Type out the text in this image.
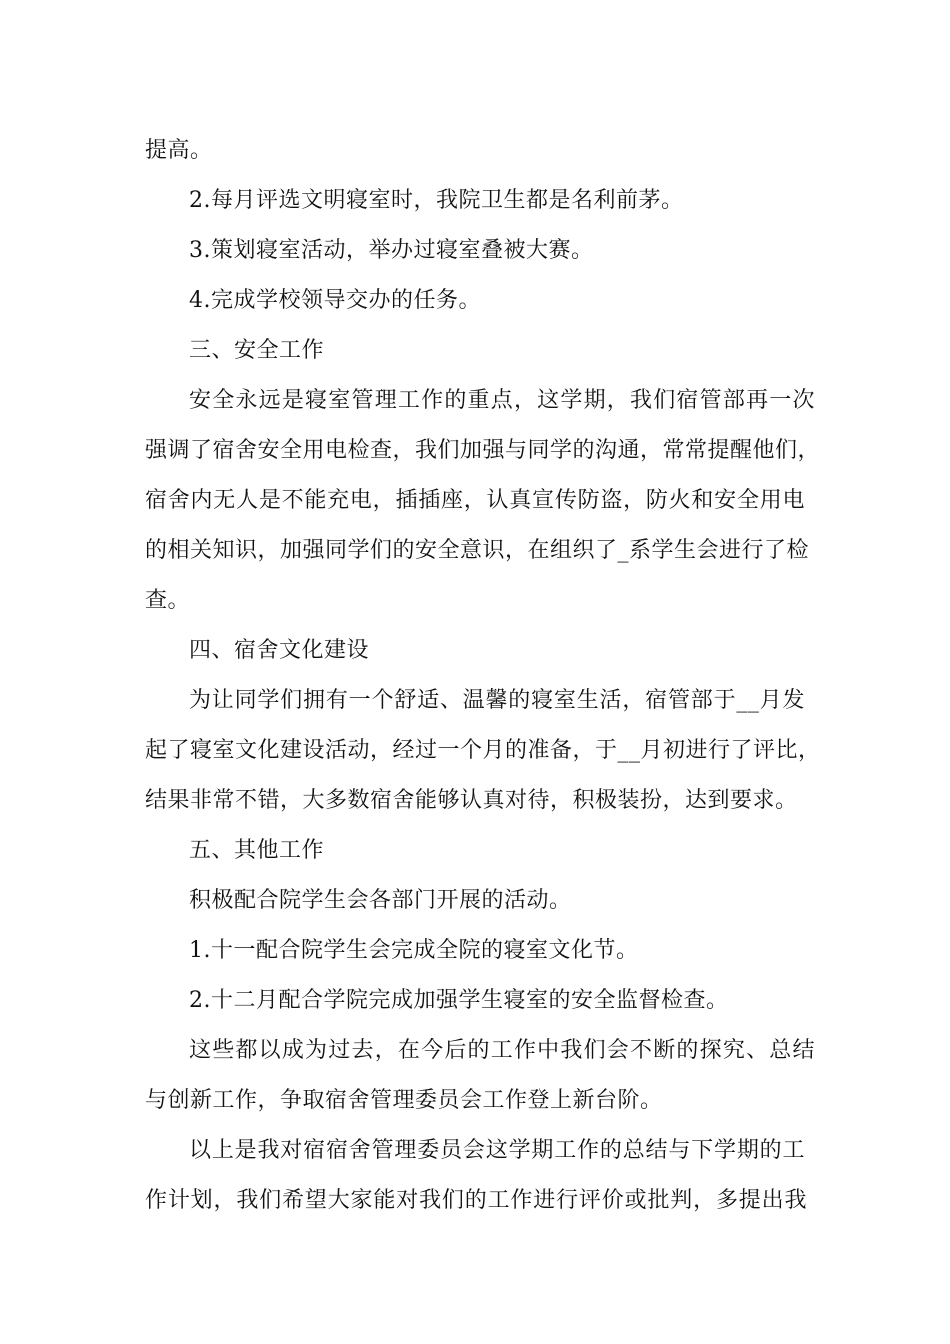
提高。
2.每月评选文明寝室时，我院卫生都是名利前茅。
3.策划寝室活动，举办过寝室叠被大赛。
4.完成学校领导交办的任务。
三、安全工作
安全永远是寝室管理工作的重点，这学期，我们宿管部再一次
强调了宿舍安全用电检查，我们加强与同学的沟通，常常提醒他们，
宿舍内无人是不能充电，插插座，认真宣传防盗，防火和安全用电
的相关知识，加强同学们的安全意识，在组织了_系学生会进行了检
查。
四、宿舍文化建设
为让同学们拥有一个舒适、温馨的寝室生活，宿管部于__月发
起了寝室文化建设活动，经过一个月的准备，于__月初进行了评比，
结果非常不错，大多数宿舍能够认真对待，积极装扮，达到要求。
五、其他工作
积极配合院学生会各部门开展的活动。
1.十一配合院学生会完成全院的寝室文化节。
2.十二月配合学院完成加强学生寝室的安全监督检查。
这些都以成为过去，在今后的工作中我们会不断的探究、总结
与创新工作，争取宿舍管理委员会工作登上新台阶。
以上是我对宿宿舍管理委员会这学期工作的总结与下学期的工
作计划，我们希望大家能对我们的工作进行评价或批判，多提出我
